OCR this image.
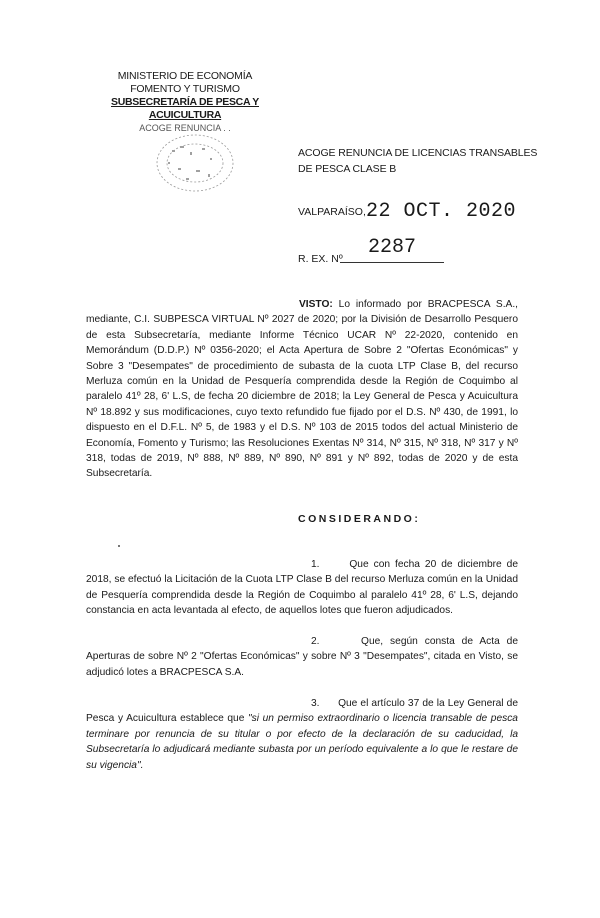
MINISTERIO DE ECONOMÍA
FOMENTO Y TURISMO
SUBSECRETARÍA DE PESCA Y ACUICULTURA
ACOGE RENUNCIA . .
ACOGE RENUNCIA DE LICENCIAS TRANSABLES DE PESCA CLASE B
VALPARAÍSO, 22 OCT. 2020
R. EX. Nº 2287
VISTO: Lo informado por BRACPESCA S.A., mediante, C.I. SUBPESCA VIRTUAL Nº 2027 de 2020; por la División de Desarrollo Pesquero de esta Subsecretaría, mediante Informe Técnico UCAR Nº 22-2020, contenido en Memorándum (D.D.P.) Nº 0356-2020; el Acta Apertura de Sobre 2 "Ofertas Económicas" y Sobre 3 "Desempates" de procedimiento de subasta de la cuota LTP Clase B, del recurso Merluza común en la Unidad de Pesquería comprendida desde la Región de Coquimbo al paralelo 41º 28, 6' L.S, de fecha 20 diciembre de 2018; la Ley General de Pesca y Acuicultura Nº 18.892 y sus modificaciones, cuyo texto refundido fue fijado por el D.S. Nº 430, de 1991, lo dispuesto en el D.F.L. Nº 5, de 1983 y el D.S. Nº 103 de 2015 todos del actual Ministerio de Economía, Fomento y Turismo; las Resoluciones Exentas Nº 314, Nº 315, Nº 318, Nº 317 y Nº 318, todas de 2019, Nº 888, Nº 889, Nº 890, Nº 891 y Nº 892, todas de 2020 y de esta Subsecretaría.
CONSIDERANDO:
1.	Que con fecha 20 de diciembre de 2018, se efectuó la Licitación de la Cuota LTP Clase B del recurso Merluza común en la Unidad de Pesquería comprendida desde la Región de Coquimbo al paralelo 41º 28, 6' L.S, dejando constancia en acta levantada al efecto, de aquellos lotes que fueron adjudicados.
2.	Que, según consta de Acta de Aperturas de sobre Nº 2 "Ofertas Económicas" y sobre Nº 3 "Desempates", citada en Visto, se adjudicó lotes a BRACPESCA S.A.
3. Que el artículo 37 de la Ley General de Pesca y Acuicultura establece que "si un permiso extraordinario o licencia transable de pesca terminare por renuncia de su titular o por efecto de la declaración de su caducidad, la Subsecretaría lo adjudicará mediante subasta por un período equivalente a lo que le restare de su vigencia".
